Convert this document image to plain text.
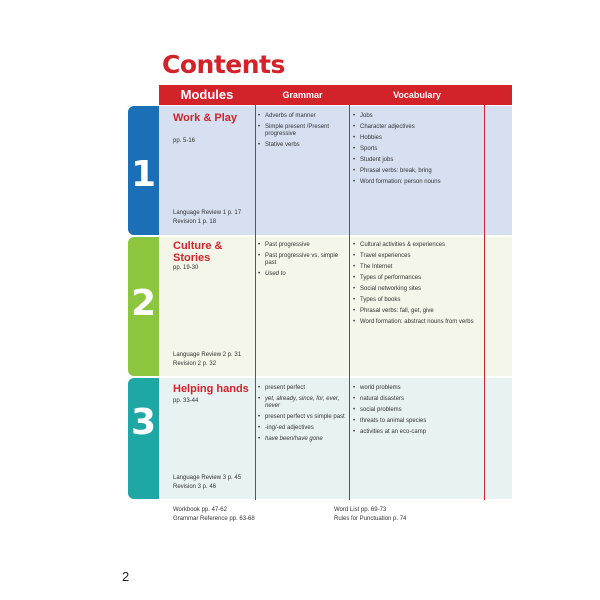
Contents
Modules	Grammar	Vocabulary
1
2
3
Work & Play
pp. 5-16
• Adverbs of manner
• Simple present /Present progressive
• Stative verbs
• Jobs
• Character adjectives
• Hobbies
• Sports
• Student jobs
• Phrasal verbs: break, bring
• Word formation: person nouns
Language Review 1 p. 17
Revision 1 p. 18
Culture &
Stories
pp. 19-30
• Past progressive
• Past progressive vs. simple past
• Used to
• Cultural activities & experiences
• Travel experiences
• The Internet
• Types of performances
• Social networking sites
• Types of books
• Phrasal verbs: fall, get, give
• Word formation: abstract nouns from verbs
Language Review 2 p. 31
Revision 2 p. 32
Helping hands
pp. 33-44
• present perfect
• yet, already, since, for, ever, never
• present perfect vs simple past
• -ing/-ed adjectives
• have been/have gone
• world problems
• natural disasters
• social problems
• threats to animal species
• activities at an eco-camp
Language Review 3 p. 45
Revision 3 p. 46
Workbook pp. 47-62
Grammar Reference pp. 63-68
Word List pp. 69-73
Rules for Punctuation p. 74
2
